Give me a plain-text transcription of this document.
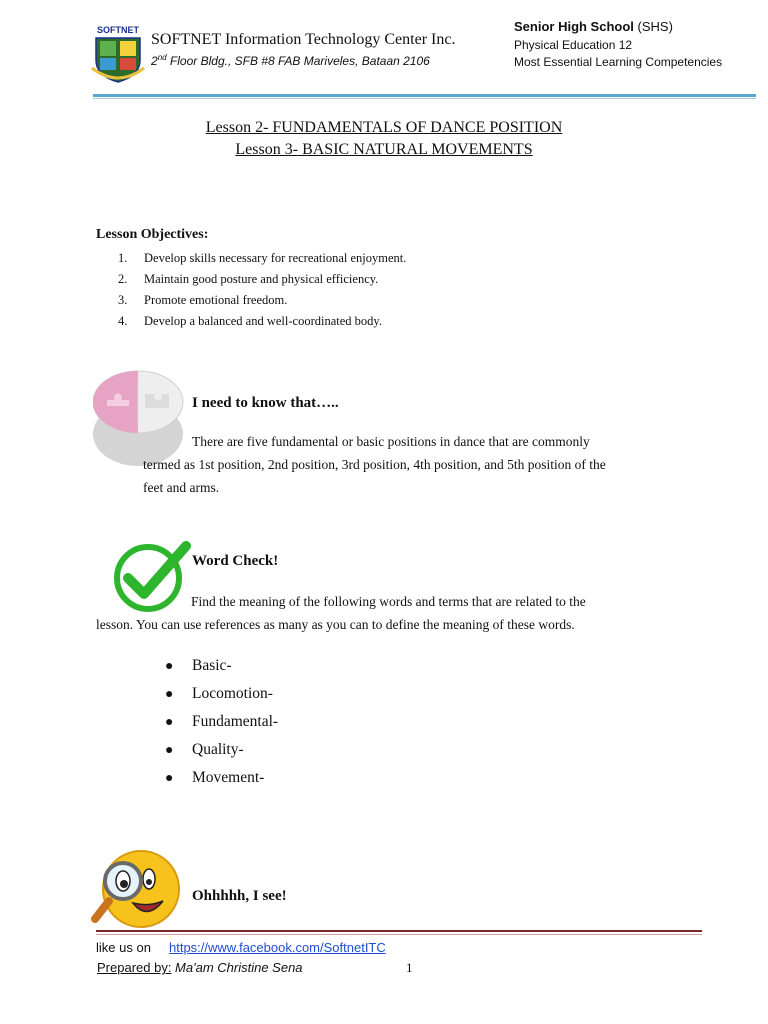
SOFTNET
SOFTNET Information Technology Center Inc.
2nd Floor Bldg., SFB #8 FAB Mariveles, Bataan 2106
Senior High School (SHS)
Physical Education 12
Most Essential Learning Competencies
Lesson 2- FUNDAMENTALS OF DANCE POSITION
Lesson 3- BASIC NATURAL MOVEMENTS
Lesson Objectives:
1. Develop skills necessary for recreational enjoyment.
2. Maintain good posture and physical efficiency.
3. Promote emotional freedom.
4. Develop a balanced and well-coordinated body.
I need to know that…..
There are five fundamental or basic positions in dance that are commonly
termed as 1st position, 2nd position, 3rd position, 4th position, and 5th position of the
feet and arms.
Word Check!
Find the meaning of the following words and terms that are related to the
lesson. You can use references as many as you can to define the meaning of these words.
● Basic-
● Locomotion-
● Fundamental-
● Quality-
● Movement-
Ohhhhh, I see!
like us on https://www.facebook.com/SoftnetITC
Prepared by: Ma'am Christine Sena	1
